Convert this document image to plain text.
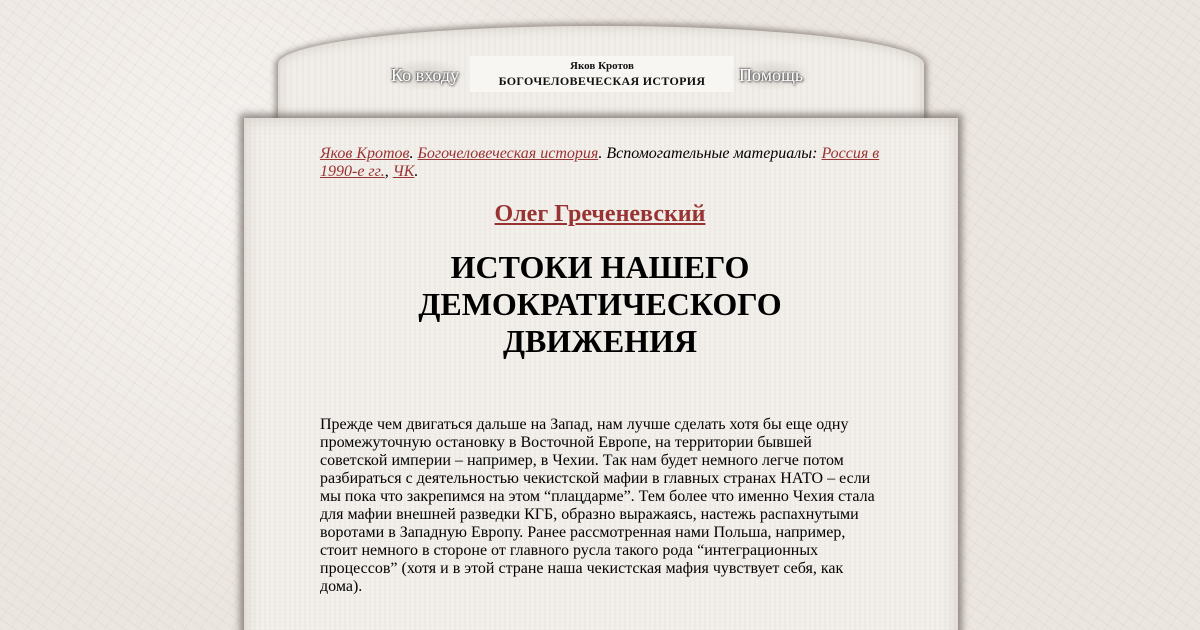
Ко входу	Яков Кротов
БОГОЧЕЛОВЕЧЕСКАЯ ИСТОРИЯ	Помощь
Яков Кротов. Богочеловеческая история. Вспомогательные материалы: Россия в 1990-е гг., ЧК.
Олег Греченевский
ИСТОКИ НАШЕГО ДЕМОКРАТИЧЕСКОГО ДВИЖЕНИЯ

Прежде чем двигаться дальше на Запад, нам лучше сделать хотя бы еще одну промежуточную остановку в Восточной Европе, на территории бывшей советской империи – например, в Чехии. Так нам будет немного легче потом разбираться с деятельностью чекистской мафии в главных странах НАТО – если мы пока что закрепимся на этом “плацдарме”. Тем более что именно Чехия стала для мафии внешней разведки КГБ, образно выражаясь, настежь распахнутыми воротами в Западную Европу. Ранее рассмотренная нами Польша, например, стоит немного в стороне от главного русла такого рода “интеграционных процессов” (хотя и в этой стране наша чекистская мафия чувствует себя, как дома).
